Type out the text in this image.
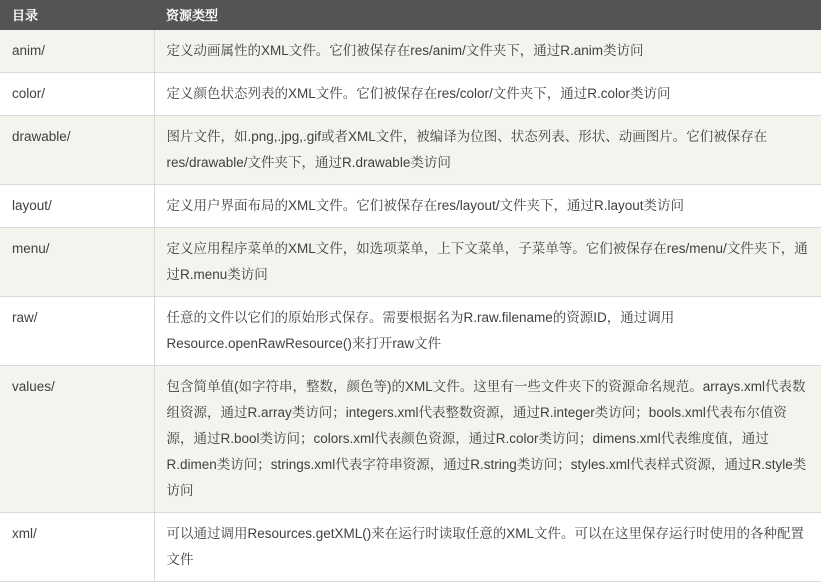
目录	资源类型
anim/	定义动画属性的XML文件。它们被保存在res/anim/文件夹下，通过R.anim类访问
color/	定义颜色状态列表的XML文件。它们被保存在res/color/文件夹下，通过R.color类访问
drawable/	图片文件，如.png,.jpg,.gif或者XML文件，被编译为位图、状态列表、形状、动画图片。它们被保存在res/drawable/文件夹下，通过R.drawable类访问
layout/	定义用户界面布局的XML文件。它们被保存在res/layout/文件夹下，通过R.layout类访问
menu/	定义应用程序菜单的XML文件，如选项菜单，上下文菜单，子菜单等。它们被保存在res/menu/文件夹下，通过R.menu类访问
raw/	任意的文件以它们的原始形式保存。需要根据名为R.raw.filename的资源ID，通过调用Resource.openRawResource()来打开raw文件
values/	包含简单值(如字符串，整数，颜色等)的XML文件。这里有一些文件夹下的资源命名规范。arrays.xml代表数组资源，通过R.array类访问；integers.xml代表整数资源，通过R.integer类访问；bools.xml代表布尔值资源，通过R.bool类访问；colors.xml代表颜色资源，通过R.color类访问；dimens.xml代表维度值，通过R.dimen类访问；strings.xml代表字符串资源，通过R.string类访问；styles.xml代表样式资源，通过R.style类访问
xml/	可以通过调用Resources.getXML()来在运行时读取任意的XML文件。可以在这里保存运行时使用的各种配置文件
